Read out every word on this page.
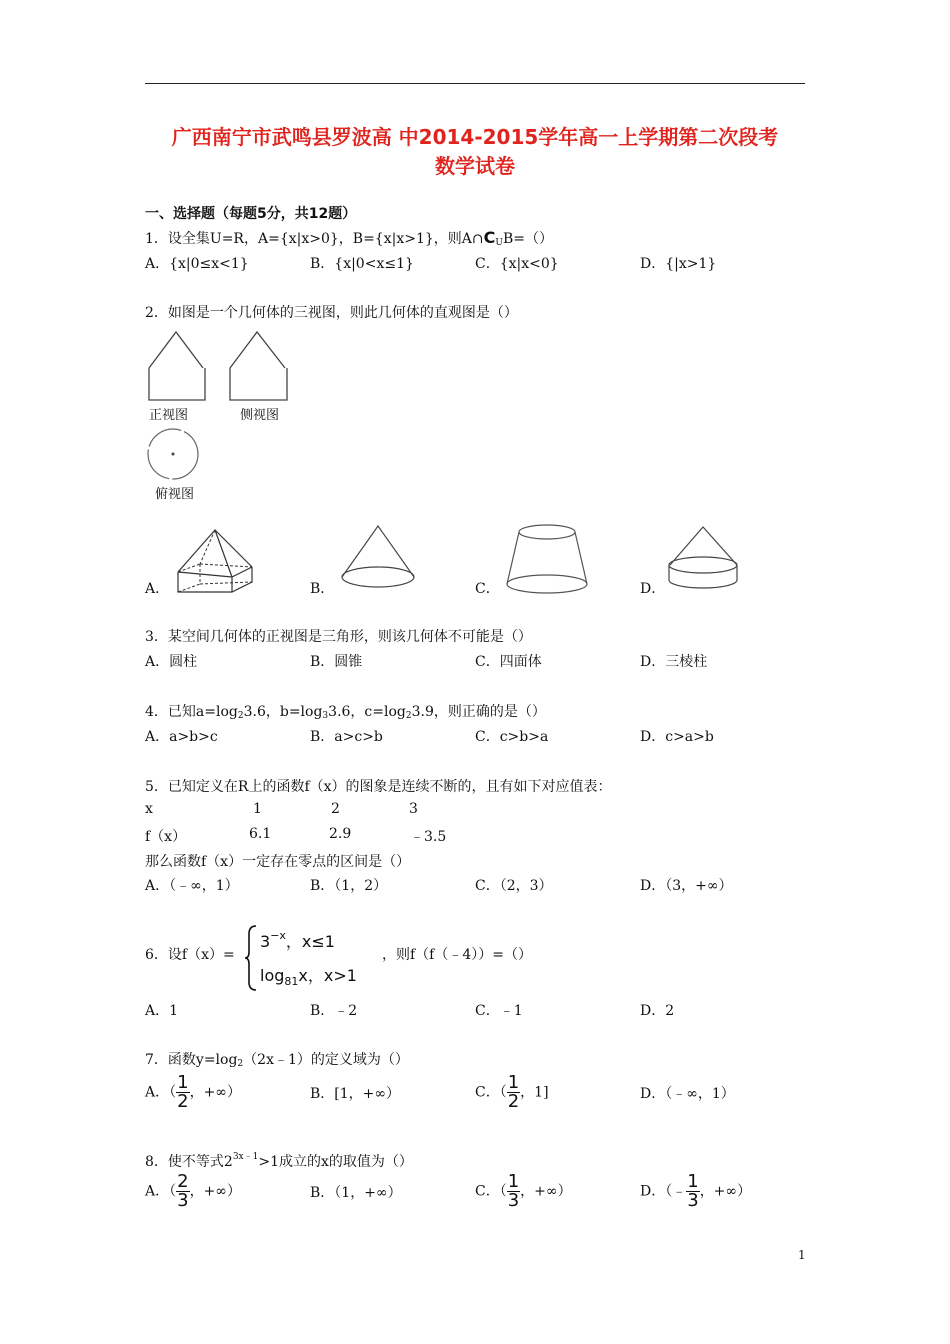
广西南宁市武鸣县罗波高 中2014-2015学年高一上学期第二次段考
数学试卷
一、选择题（每题5分，共12题）
1．设全集U=R，A={x|x>0}，B={x|x>1}，则$A\cap C_UB=()$
A．{x|0≤x<1}	B．{x|0<x≤1}	C．{x|x<0}	D．{|x>1}
2．如图是一个几何体的三视图，则此几何体的直观图是（）
正视图	侧视图
俯视图
A．	B．	C．	D．
3．某空间几何体的正视图是三角形，则该几何体不可能是（）
A．圆柱	B．圆锥	C．四面体	D．三棱柱
4．已知$a=\log_23.6$，$b=\log_33.6$，$c=\log_23.9$，则正确的是（）
A．a>b>c	B．a>c>b	C．c>b>a	D．c>a>b
5．已知定义在R上的函数f（x）的图象是连续不断的，且有如下对应值表：
x	1	2	3
f（x）	6.1	2.9	﹣3.5
那么函数f（x）一定存在零点的区间是（）
A．（﹣∞，1）	B．（1，2）	C．（2，3）	D．（3，+∞）
6．设f（x）=
$3^{-x}$，x≤1
$\log_{81}x$，x>1
，则f（f（﹣4））=（）
A．1	B．﹣2	C．﹣1	D．2
7．函数$y=\log_2(2x﹣1)$的定义域为（）
A．（ $\frac{1}{2}$ ，+∞）	B．[1，+∞）	C．（ $\frac{1}{2}$ ，1]	D．（﹣∞，1）
8．使不等式$2^{3x﹣1}>1$成立的x的取值为（）
A．（ $\frac{2}{3}$ ，+∞）	B．（1，+∞）	C．（ $\frac{1}{3}$ ，+∞）	D．（﹣ $\frac{1}{3}$ ，+∞）
1
